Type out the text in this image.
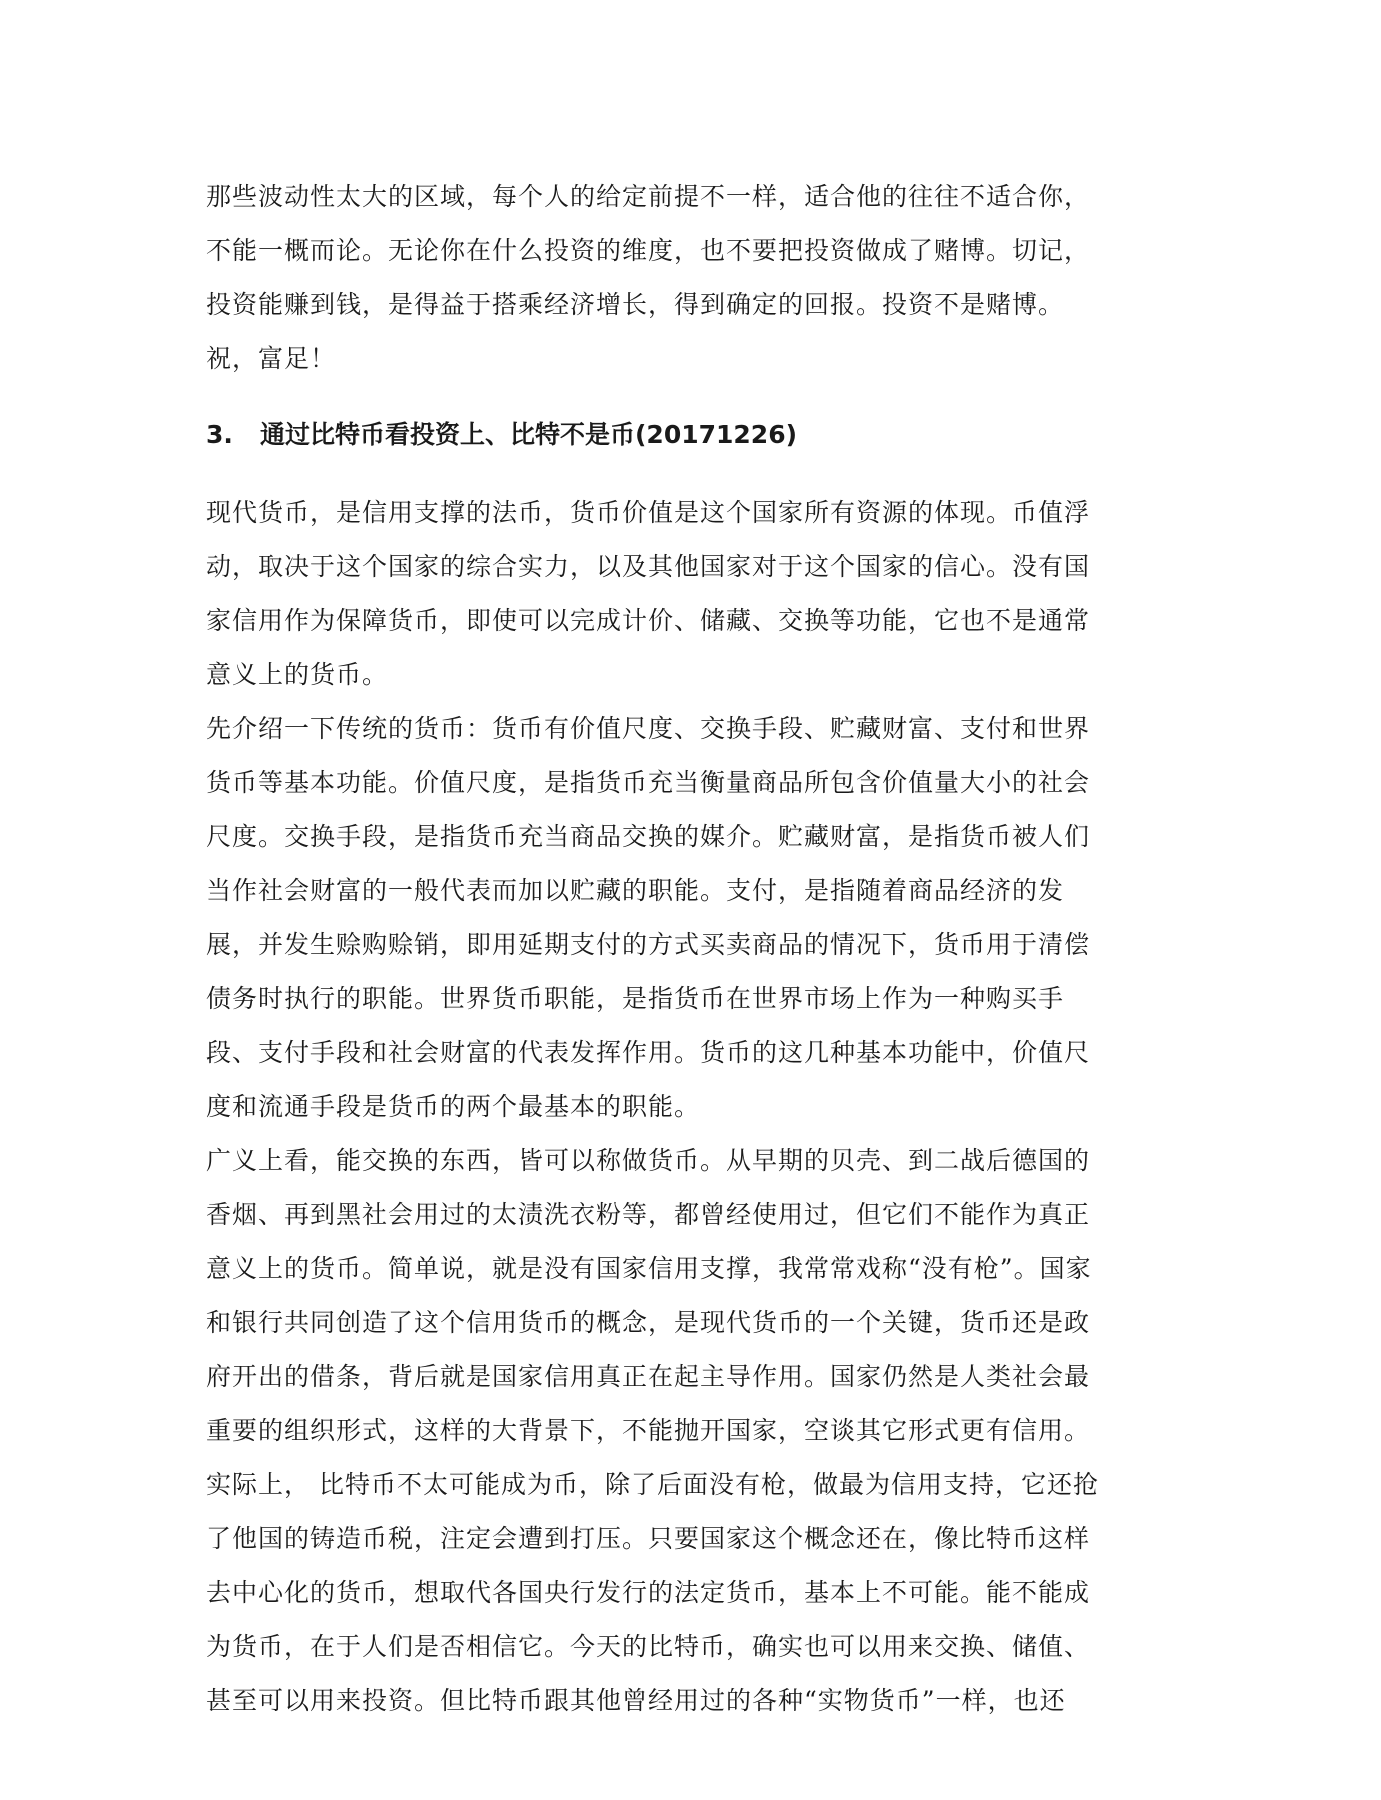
那些波动性太大的区域，每个人的给定前提不一样，适合他的往往不适合你，
不能一概而论。无论你在什么投资的维度，也不要把投资做成了赌博。切记，
投资能赚到钱，是得益于搭乘经济增长，得到确定的回报。投资不是赌博。
祝，富足！

3. 通过比特币看投资上、比特不是币(20171226)

现代货币，是信用支撑的法币，货币价值是这个国家所有资源的体现。币值浮
动，取决于这个国家的综合实力，以及其他国家对于这个国家的信心。没有国
家信用作为保障货币，即使可以完成计价、储藏、交换等功能，它也不是通常
意义上的货币。

先介绍一下传统的货币：货币有价值尺度、交换手段、贮藏财富、支付和世界
货币等基本功能。价值尺度，是指货币充当衡量商品所包含价值量大小的社会
尺度。交换手段，是指货币充当商品交换的媒介。贮藏财富，是指货币被人们
当作社会财富的一般代表而加以贮藏的职能。支付，是指随着商品经济的发
展，并发生赊购赊销，即用延期支付的方式买卖商品的情况下，货币用于清偿
债务时执行的职能。世界货币职能，是指货币在世界市场上作为一种购买手
段、支付手段和社会财富的代表发挥作用。货币的这几种基本功能中，价值尺
度和流通手段是货币的两个最基本的职能。

广义上看，能交换的东西，皆可以称做货币。从早期的贝壳、到二战后德国的
香烟、再到黑社会用过的太渍洗衣粉等，都曾经使用过，但它们不能作为真正
意义上的货币。简单说，就是没有国家信用支撑，我常常戏称“没有枪”。国家
和银行共同创造了这个信用货币的概念，是现代货币的一个关键，货币还是政
府开出的借条，背后就是国家信用真正在起主导作用。国家仍然是人类社会最
重要的组织形式，这样的大背景下，不能抛开国家，空谈其它形式更有信用。

实际上， 比特币不太可能成为币，除了后面没有枪，做最为信用支持，它还抢
了他国的铸造币税，注定会遭到打压。只要国家这个概念还在，像比特币这样
去中心化的货币，想取代各国央行发行的法定货币，基本上不可能。能不能成
为货币，在于人们是否相信它。今天的比特币，确实也可以用来交换、储值、
甚至可以用来投资。但比特币跟其他曾经用过的各种“实物货币”一样，也还
